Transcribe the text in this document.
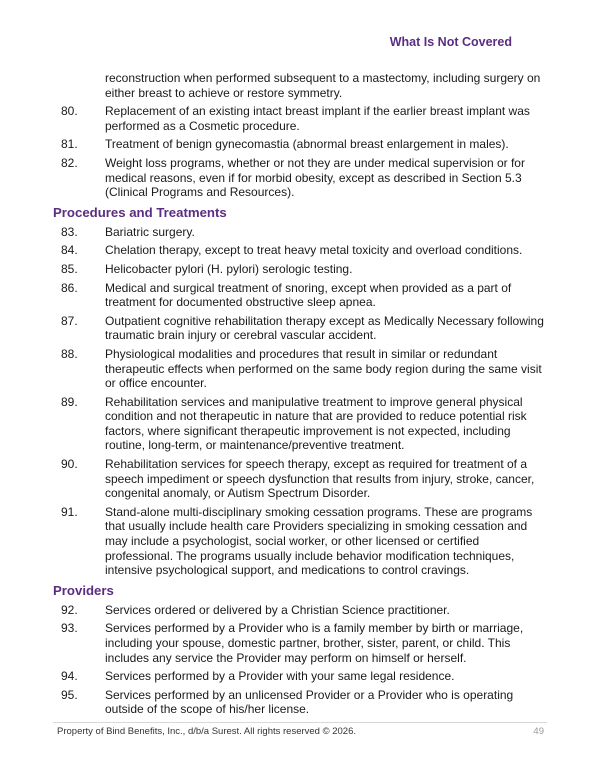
What Is Not Covered
reconstruction when performed subsequent to a mastectomy, including surgery on either breast to achieve or restore symmetry.
80.	Replacement of an existing intact breast implant if the earlier breast implant was performed as a Cosmetic procedure.
81.	Treatment of benign gynecomastia (abnormal breast enlargement in males).
82.	Weight loss programs, whether or not they are under medical supervision or for medical reasons, even if for morbid obesity, except as described in Section 5.3 (Clinical Programs and Resources).
Procedures and Treatments
83.	Bariatric surgery.
84.	Chelation therapy, except to treat heavy metal toxicity and overload conditions.
85.	Helicobacter pylori (H. pylori) serologic testing.
86.	Medical and surgical treatment of snoring, except when provided as a part of treatment for documented obstructive sleep apnea.
87.	Outpatient cognitive rehabilitation therapy except as Medically Necessary following traumatic brain injury or cerebral vascular accident.
88.	Physiological modalities and procedures that result in similar or redundant therapeutic effects when performed on the same body region during the same visit or office encounter.
89.	Rehabilitation services and manipulative treatment to improve general physical condition and not therapeutic in nature that are provided to reduce potential risk factors, where significant therapeutic improvement is not expected, including routine, long-term, or maintenance/preventive treatment.
90.	Rehabilitation services for speech therapy, except as required for treatment of a speech impediment or speech dysfunction that results from injury, stroke, cancer, congenital anomaly, or Autism Spectrum Disorder.
91.	Stand-alone multi-disciplinary smoking cessation programs. These are programs that usually include health care Providers specializing in smoking cessation and may include a psychologist, social worker, or other licensed or certified professional. The programs usually include behavior modification techniques, intensive psychological support, and medications to control cravings.
Providers
92.	Services ordered or delivered by a Christian Science practitioner.
93.	Services performed by a Provider who is a family member by birth or marriage, including your spouse, domestic partner, brother, sister, parent, or child. This includes any service the Provider may perform on himself or herself.
94.	Services performed by a Provider with your same legal residence.
95.	Services performed by an unlicensed Provider or a Provider who is operating outside of the scope of his/her license.
Property of Bind Benefits, Inc., d/b/a Surest. All rights reserved © 2026.	49
